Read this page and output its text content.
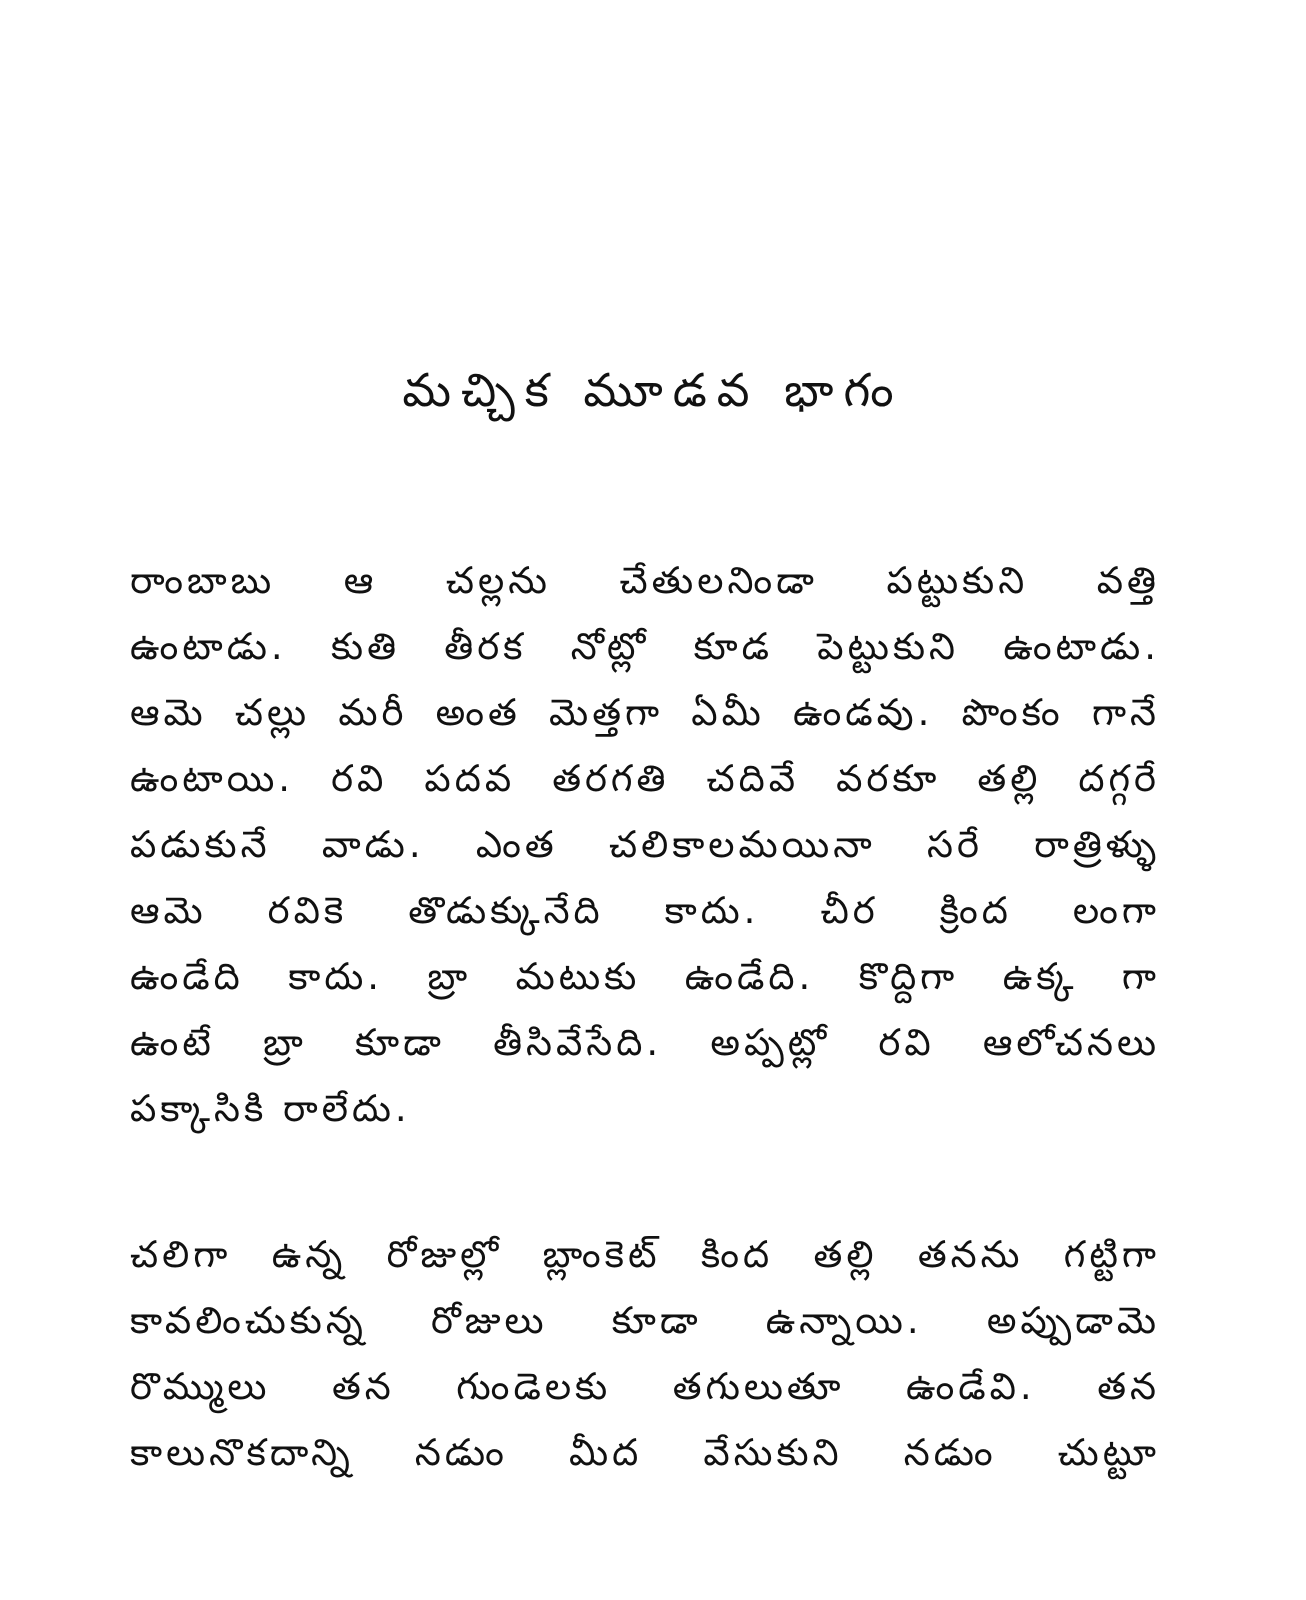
మచ్చిక మూడవ భాగం
రాంబాబు ఆ చల్లను చేతులనిండా పట్టుకుని వత్తి
ఉంటాడు. కుతి తీరక నోట్లో కూడ పెట్టుకుని ఉంటాడు.
ఆమె చల్లు మరీ అంత మెత్తగా ఏమీ ఉండవు. పొంకం గానే
ఉంటాయి. రవి పదవ తరగతి చదివే వరకూ తల్లి దగ్గరే
పడుకునే వాడు. ఎంత చలికాలమయినా సరే రాత్రిళ్ళు
ఆమె రవికె తొడుక్కునేది కాదు. చీర క్రింద లంగా
ఉండేది కాదు. బ్రా మటుకు ఉండేది. కొద్దిగా ఉక్క గా
ఉంటే బ్రా కూడా తీసివేసేది. అప్పట్లో రవి ఆలోచనలు
పక్కాసికి రాలేదు.
చలిగా ఉన్న రోజుల్లో బ్లాంకెట్ కింద తల్లి తనను గట్టిగా
కావలించుకున్న రోజులు కూడా ఉన్నాయి. అప్పుడామె
రొమ్ములు తన గుండెలకు తగులుతూ ఉండేవి. తన
కాలునొకదాన్ని నడుం మీద వేసుకుని నడుం చుట్టూ
